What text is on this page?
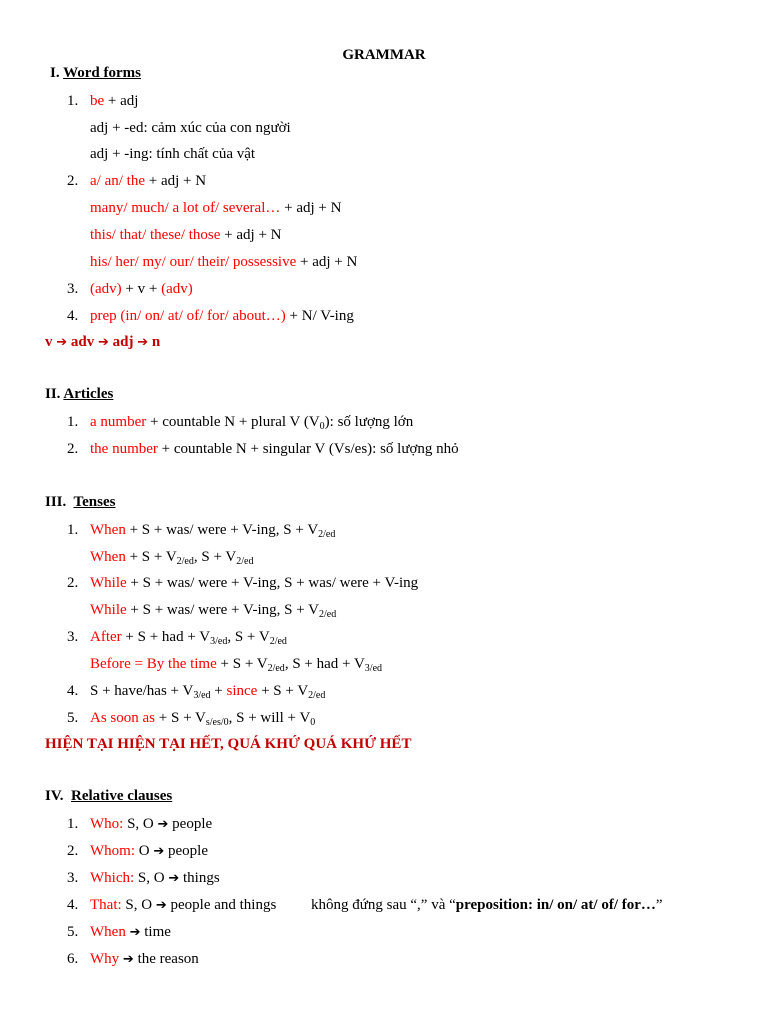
GRAMMAR
I. Word forms
1. be + adj
adj + -ed: cảm xúc của con người
adj + -ing: tính chất của vật
2. a/ an/ the + adj + N
many/ much/ a lot of/ several… + adj + N
this/ that/ these/ those + adj + N
his/ her/ my/ our/ their/ possessive + adj + N
3. (adv) + v + (adv)
4. prep (in/ on/ at/ of/ for/ about…) + N/ V-ing
v ➔ adv ➔ adj ➔ n
II. Articles
1. a number + countable N + plural V $(V_0)$: số lượng lớn
2. the number + countable N + singular V (Vs/es): số lượng nhỏ
III. Tenses
1. When + S + was/ were + V-ing, $S + V_{2/ed}$
When + $S + V_{2/ed}$, $S + V_{2/ed}$
2. While + S + was/ were + V-ing, S + was/ were + V-ing
While + S + was/ were + V-ing, $S + V_{2/ed}$
3. After + S + had + $V_{3/ed}$, $S + V_{2/ed}$
Before = By the time + $S + V_{2/ed}$, S + had + $V_{3/ed}$
4. S + have/has + $V_{3/ed}$ + since + $S + V_{2/ed}$
5. As soon as + $S + V_{s/es/0}$, S + will + $V_0$
HIỆN TẠI HIỆN TẠI HẾT, QUÁ KHỨ QUÁ KHỨ HẾT
IV. Relative clauses
1. Who: S, O ➔ people
2. Whom: O ➔ people
3. Which: S, O ➔ things
4. That: S, O ➔ people and things không đứng sau “,” và “preposition: in/ on/ at/ of/ for…”
5. When ➔ time
6. Why ➔ the reason
